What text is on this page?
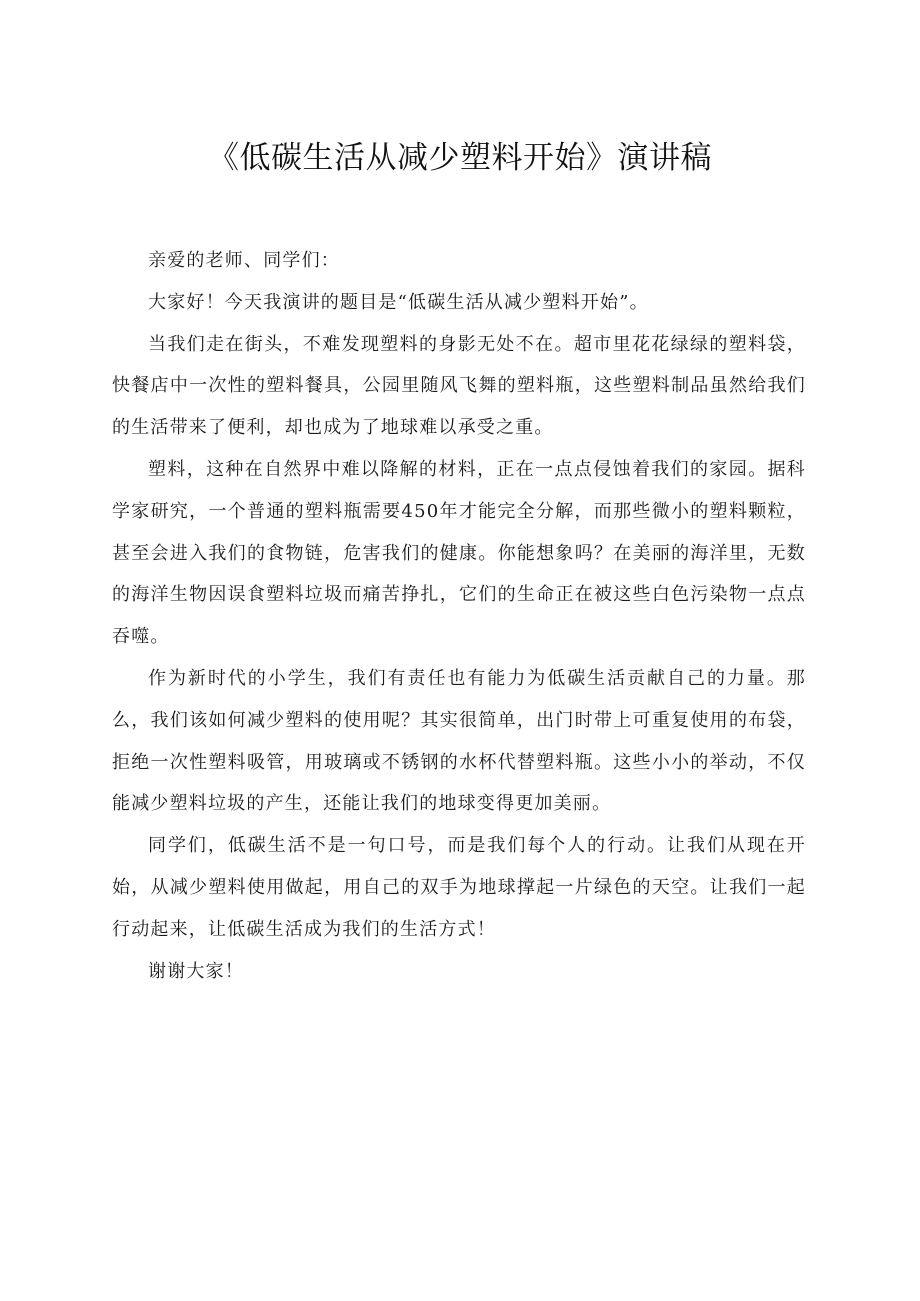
《低碳生活从减少塑料开始》演讲稿

亲爱的老师、同学们：

大家好！今天我演讲的题目是“低碳生活从减少塑料开始”。

当我们走在街头，不难发现塑料的身影无处不在。超市里花花绿绿的塑料袋，快餐店中一次性的塑料餐具，公园里随风飞舞的塑料瓶，这些塑料制品虽然给我们的生活带来了便利，却也成为了地球难以承受之重。

塑料，这种在自然界中难以降解的材料，正在一点点侵蚀着我们的家园。据科学家研究，一个普通的塑料瓶需要450年才能完全分解，而那些微小的塑料颗粒，甚至会进入我们的食物链，危害我们的健康。你能想象吗？在美丽的海洋里，无数的海洋生物因误食塑料垃圾而痛苦挣扎，它们的生命正在被这些白色污染物一点点吞噬。

作为新时代的小学生，我们有责任也有能力为低碳生活贡献自己的力量。那么，我们该如何减少塑料的使用呢？其实很简单，出门时带上可重复使用的布袋，拒绝一次性塑料吸管，用玻璃或不锈钢的水杯代替塑料瓶。这些小小的举动，不仅能减少塑料垃圾的产生，还能让我们的地球变得更加美丽。

同学们，低碳生活不是一句口号，而是我们每个人的行动。让我们从现在开始，从减少塑料使用做起，用自己的双手为地球撑起一片绿色的天空。让我们一起行动起来，让低碳生活成为我们的生活方式！

谢谢大家！
